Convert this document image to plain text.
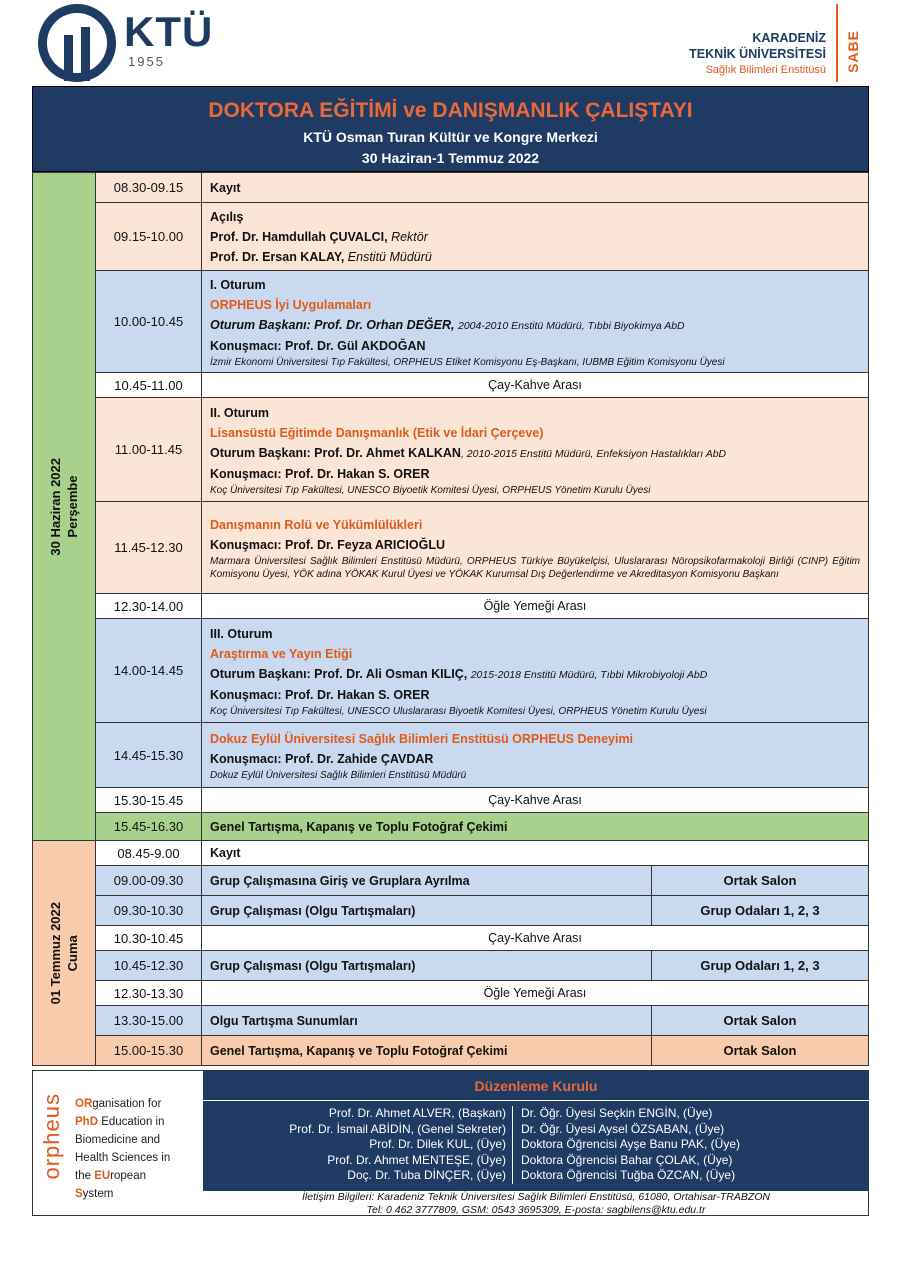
KTÜ
1955
KARADENİZ
TEKNİK ÜNİVERSİTESİ
Sağlık Bilimleri Enstitüsü SABE
DOKTORA EĞİTİMİ ve DANIŞMANLIK ÇALIŞTAYI
KTÜ Osman Turan Kültür ve Kongre Merkezi
30 Haziran-1 Temmuz 2022
30 Haziran 2022 Perşembe	08.30-09.15	Kayıt	
	09.15-10.00	Açılış
Prof. Dr. Hamdullah ÇUVALCI, Rektör
Prof. Dr. Ersan KALAY, Enstitü Müdürü	

	10.00-10.45	I. Oturum
ORPHEUS İyi Uygulamaları
Oturum Başkanı: Prof. Dr. Orhan DEĞER, 2004-2010 Enstitü Müdürü, Tıbbi Biyokimya AbD
Konuşmacı: Prof. Dr. Gül AKDOĞAN
İzmir Ekonomi Üniversitesi Tıp Fakültesi, ORPHEUS Etiket Komisyonu Eş-Başkanı, IUBMB Eğitim Komisyonu Üyesi	

	10.45-11.00	Çay-Kahve Arası	
	11.00-11.45	II. Oturum
Lisansüstü Eğitimde Danışmanlık (Etik ve İdari Çerçeve)
Oturum Başkanı: Prof. Dr. Ahmet KALKAN, 2010-2015 Enstitü Müdürü, Enfeksiyon Hastalıkları AbD
Konuşmacı: Prof. Dr. Hakan S. ORER
Koç Üniversitesi Tıp Fakültesi, UNESCO Biyoetik Komitesi Üyesi, ORPHEUS Yönetim Kurulu Üyesi	

	11.45-12.30	Danışmanın Rolü ve Yükümlülükleri
Konuşmacı: Prof. Dr. Feyza ARICIOĞLU
Marmara Üniversitesi Sağlık Bilimleri Enstitüsü Müdürü, ORPHEUS Türkiye Büyükelçisi, Uluslararası Nöropsikofarmakoloji Birliği (CINP) Eğitim Komisyonu Üyesi, YÖK adına YÖKAK Kurul Üyesi ve YÖKAK Kurumsal Dış Değerlendirme ve Akreditasyon Komisyonu Başkanı	

	12.30-14.00	Öğle Yemeği Arası	
	14.00-14.45	III. Oturum
Araştırma ve Yayın Etiği
Oturum Başkanı: Prof. Dr. Ali Osman KILIÇ, 2015-2018 Enstitü Müdürü, Tıbbi Mikrobiyoloji AbD
Konuşmacı: Prof. Dr. Hakan S. ORER
Koç Üniversitesi Tıp Fakültesi, UNESCO Uluslararası Biyoetik Komitesi Üyesi, ORPHEUS Yönetim Kurulu Üyesi	

	14.45-15.30	Dokuz Eylül Üniversitesi Sağlık Bilimleri Enstitüsü ORPHEUS Deneyimi
Konuşmacı: Prof. Dr. Zahide ÇAVDAR
Dokuz Eylül Üniversitesi Sağlık Bilimleri Enstitüsü Müdürü	

	15.30-15.45	Çay-Kahve Arası	
	15.45-16.30	Genel Tartışma, Kapanış ve Toplu Fotoğraf Çekimi	

01 Temmuz 2022 Cuma	08.45-9.00	Kayıt	
	09.00-09.30	Grup Çalışmasına Giriş ve Gruplara Ayrılma	Ortak Salon
	09.30-10.30	Grup Çalışması (Olgu Tartışmaları)	Grup Odaları 1, 2, 3
	10.30-10.45	Çay-Kahve Arası	
	10.45-12.30	Grup Çalışması (Olgu Tartışmaları)	Grup Odaları 1, 2, 3
	12.30-13.30	Öğle Yemeği Arası	
	13.30-15.00	Olgu Tartışma Sunumları	Ortak Salon
	15.00-15.30	Genel Tartışma, Kapanış ve Toplu Fotoğraf Çekimi	Ortak Salon
orpheus ORganisation for
PhD Education in
Biomedicine and
Health Sciences in
the EUropean
System
Düzenleme Kurulu
Prof. Dr. Ahmet ALVER, (Başkan)
Prof. Dr. İsmail ABİDİN, (Genel Sekreter)
Prof. Dr. Dilek KUL, (Üye)
Prof. Dr. Ahmet MENTEŞE, (Üye)
Doç. Dr. Tuba DİNÇER, (Üye)
Dr. Öğr. Üyesi Seçkin ENGİN, (Üye)
Dr. Öğr. Üyesi Aysel ÖZSABAN, (Üye)
Doktora Öğrencisi Ayşe Banu PAK, (Üye)
Doktora Öğrencisi Bahar ÇOLAK, (Üye)
Doktora Öğrencisi Tuğba ÖZCAN, (Üye)
İletişim Bilgileri: Karadeniz Teknik Üniversitesi Sağlık Bilimleri Enstitüsü, 61080, Ortahisar-TRABZON
Tel: 0 462 3777809, GSM: 0543 3695309, E-posta: sagbilens@ktu.edu.tr
